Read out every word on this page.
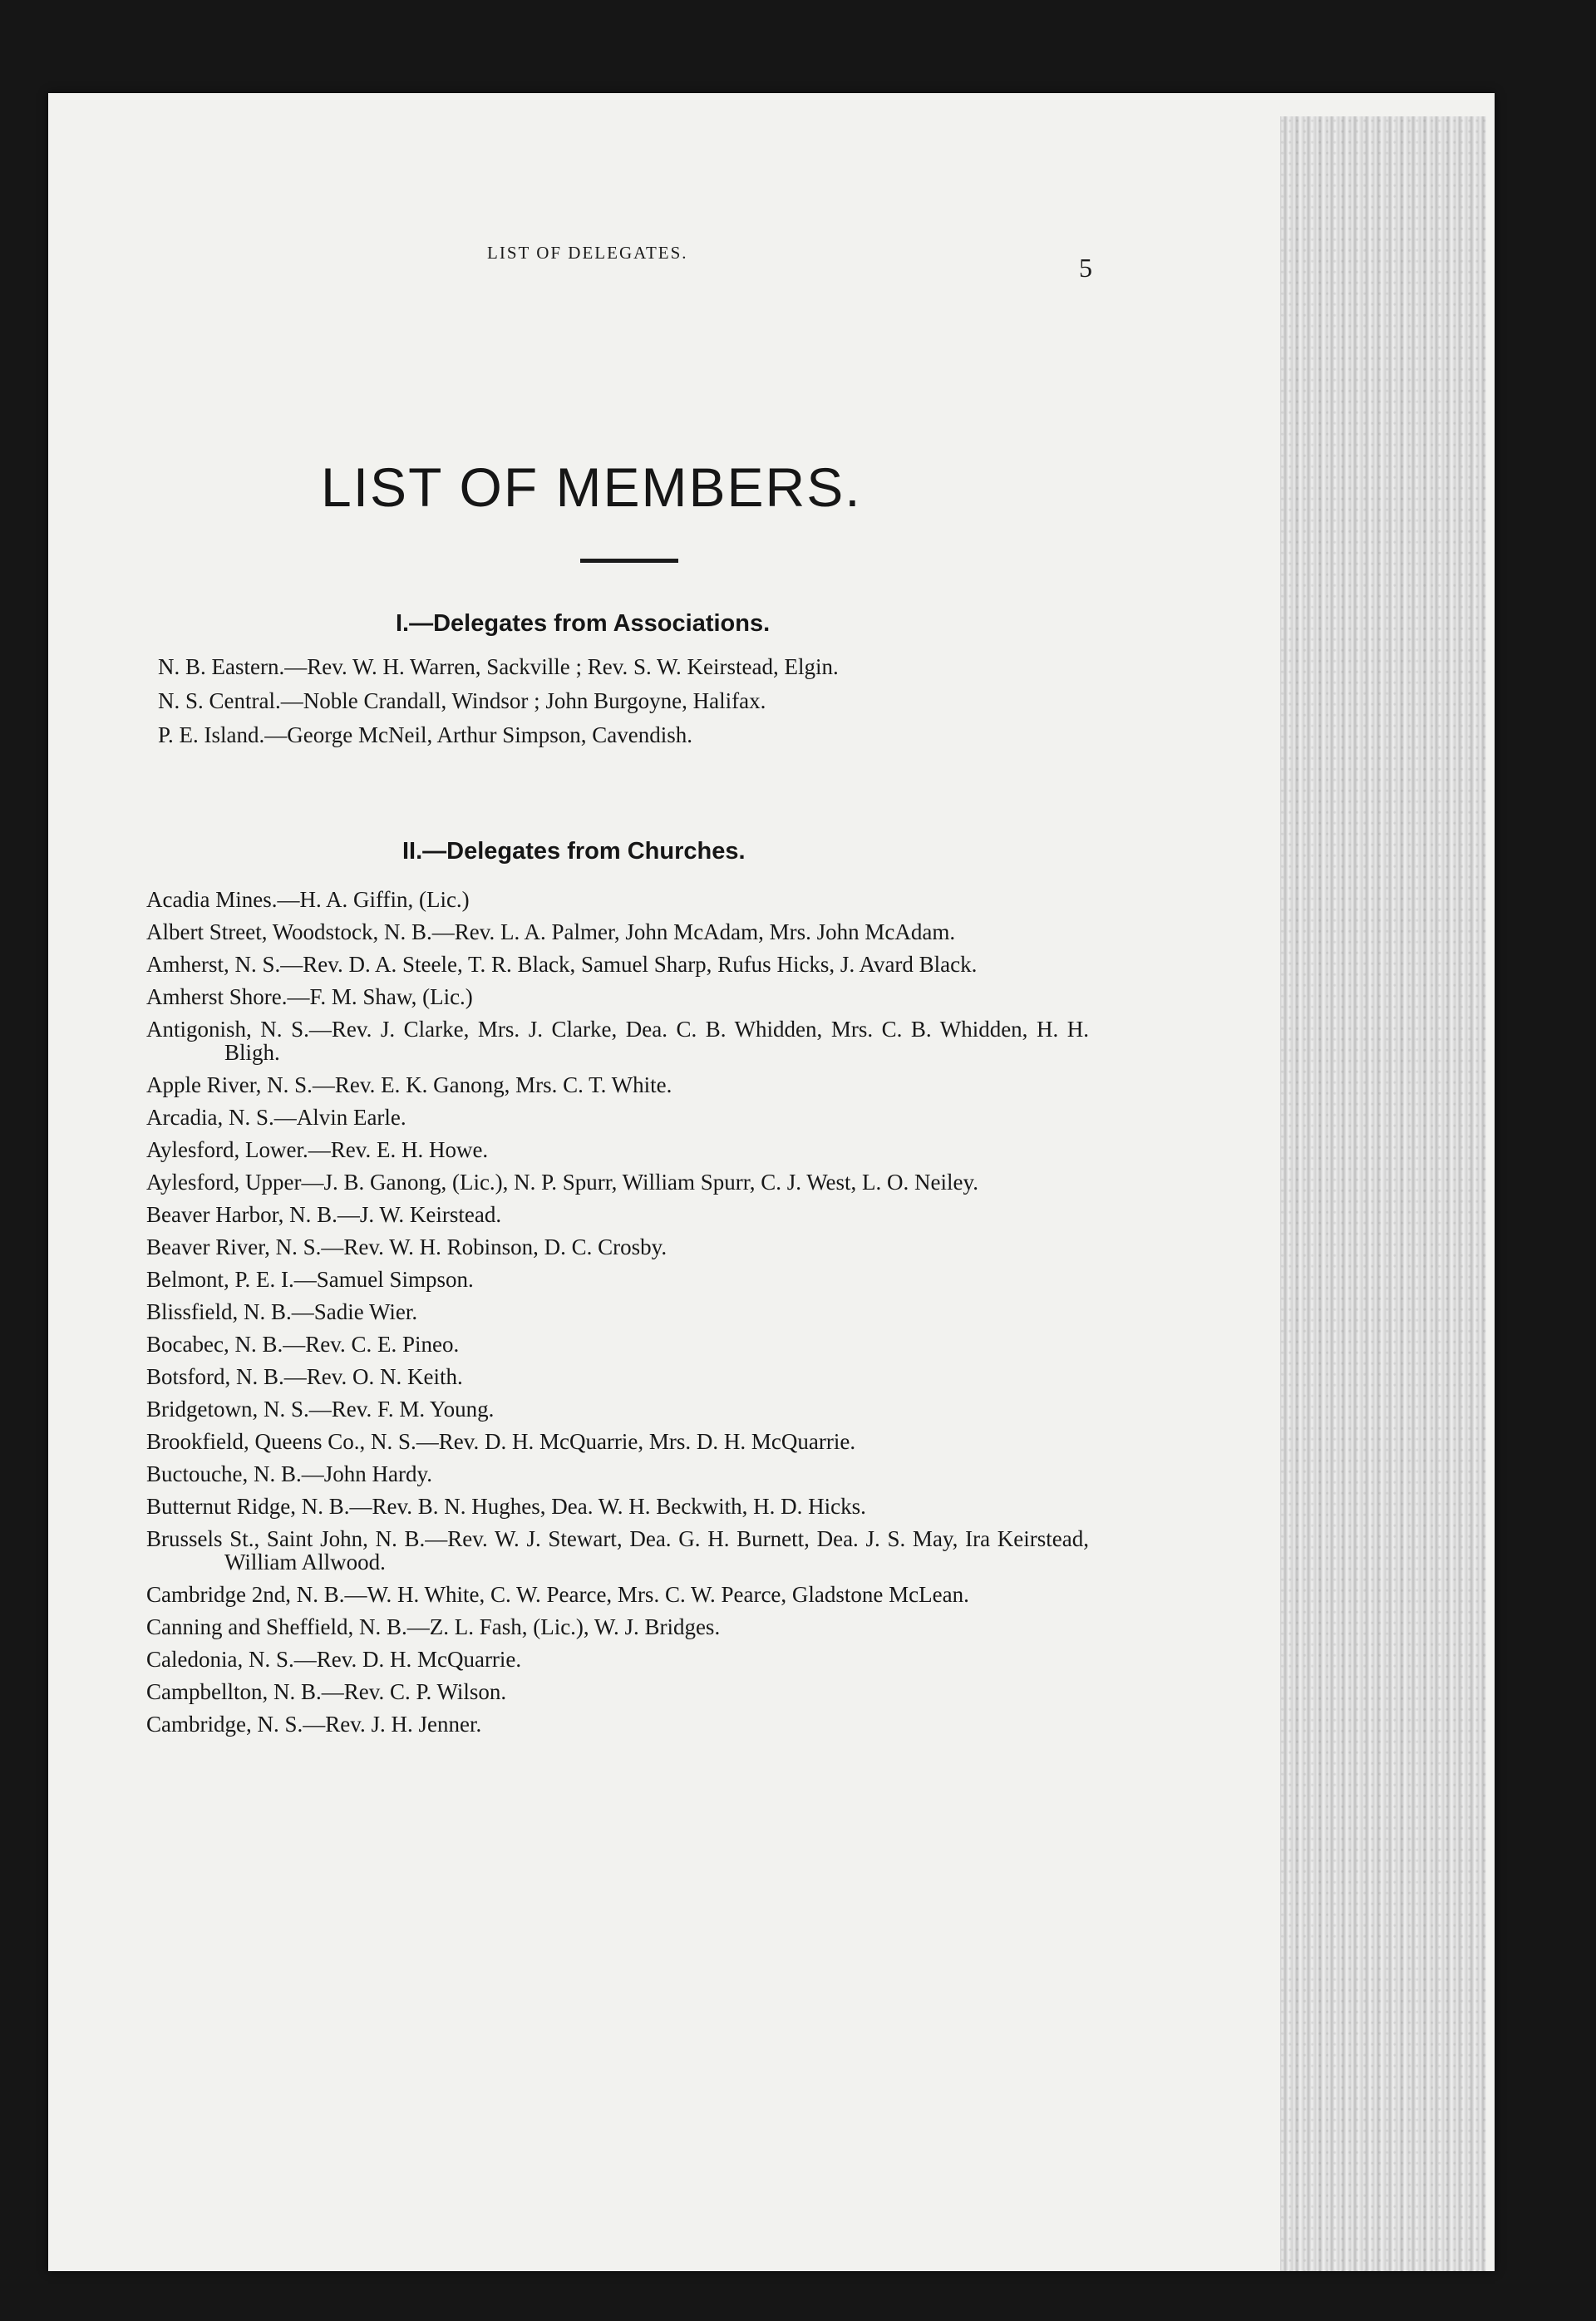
LIST OF DELEGATES.	5
LIST OF MEMBERS.
I.—Delegates from Associations.
N. B. Eastern.—Rev. W. H. Warren, Sackville ; Rev. S. W. Keirstead, Elgin.
N. S. Central.—Noble Crandall, Windsor ; John Burgoyne, Halifax.
P. E. Island.—George McNeil, Arthur Simpson, Cavendish.
II.—Delegates from Churches.
Acadia Mines.—H. A. Giffin, (Lic.)
Albert Street, Woodstock, N. B.—Rev. L. A. Palmer, John McAdam, Mrs. John McAdam.
Amherst, N. S.—Rev. D. A. Steele, T. R. Black, Samuel Sharp, Rufus Hicks, J. Avard Black.
Amherst Shore.—F. M. Shaw, (Lic.)
Antigonish, N. S.—Rev. J. Clarke, Mrs. J. Clarke, Dea. C. B. Whidden, Mrs. C. B. Whidden, H. H. Bligh.
Apple River, N. S.—Rev. E. K. Ganong, Mrs. C. T. White.
Arcadia, N. S.—Alvin Earle.
Aylesford, Lower.—Rev. E. H. Howe.
Aylesford, Upper—J. B. Ganong, (Lic.), N. P. Spurr, William Spurr, C. J. West, L. O. Neiley.
Beaver Harbor, N. B.—J. W. Keirstead.
Beaver River, N. S.—Rev. W. H. Robinson, D. C. Crosby.
Belmont, P. E. I.—Samuel Simpson.
Blissfield, N. B.—Sadie Wier.
Bocabec, N. B.—Rev. C. E. Pineo.
Botsford, N. B.—Rev. O. N. Keith.
Bridgetown, N. S.—Rev. F. M. Young.
Brookfield, Queens Co., N. S.—Rev. D. H. McQuarrie, Mrs. D. H. McQuarrie.
Buctouche, N. B.—John Hardy.
Butternut Ridge, N. B.—Rev. B. N. Hughes, Dea. W. H. Beckwith, H. D. Hicks.
Brussels St., Saint John, N. B.—Rev. W. J. Stewart, Dea. G. H. Burnett, Dea. J. S. May, Ira Keirstead, William Allwood.
Cambridge 2nd, N. B.—W. H. White, C. W. Pearce, Mrs. C. W. Pearce, Gladstone McLean.
Canning and Sheffield, N. B.—Z. L. Fash, (Lic.), W. J. Bridges.
Caledonia, N. S.—Rev. D. H. McQuarrie.
Campbellton, N. B.—Rev. C. P. Wilson.
Cambridge, N. S.—Rev. J. H. Jenner.
